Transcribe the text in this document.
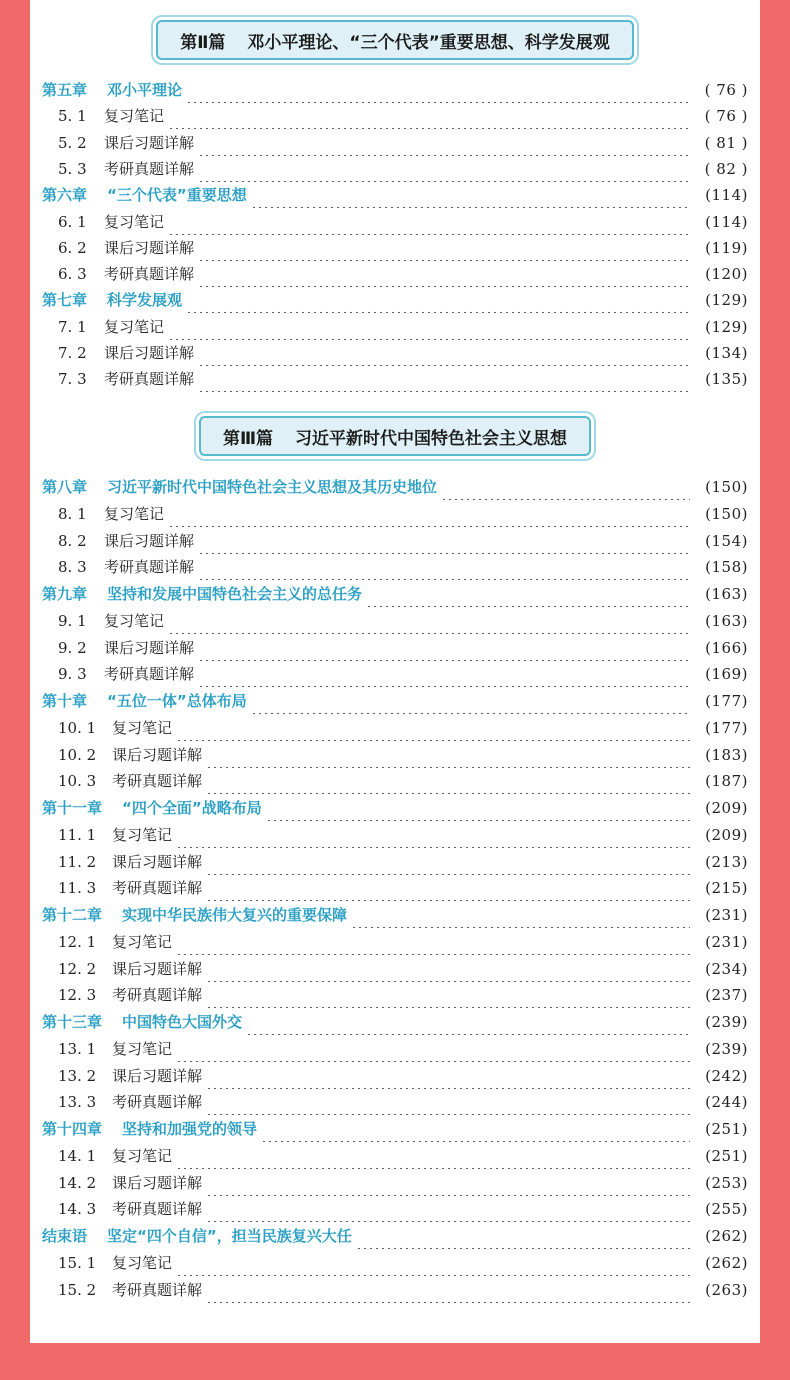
第Ⅱ篇 邓小平理论、“三个代表”重要思想、科学发展观
第五章 邓小平理论	( 76 )
5. 1	复习笔记	( 76 )
5. 2	课后习题详解	( 81 )
5. 3	考研真题详解	( 82 )
第六章 “三个代表”重要思想	(114)
6. 1	复习笔记	(114)
6. 2	课后习题详解	(119)
6. 3	考研真题详解	(120)
第七章 科学发展观	(129)
7. 1	复习笔记	(129)
7. 2	课后习题详解	(134)
7. 3	考研真题详解	(135)
第Ⅲ篇 习近平新时代中国特色社会主义思想
第八章 习近平新时代中国特色社会主义思想及其历史地位	(150)
8. 1	复习笔记	(150)
8. 2	课后习题详解	(154)
8. 3	考研真题详解	(158)
第九章 坚持和发展中国特色社会主义的总任务	(163)
9. 1	复习笔记	(163)
9. 2	课后习题详解	(166)
9. 3	考研真题详解	(169)
第十章 “五位一体”总体布局	(177)
10. 1	复习笔记	(177)
10. 2	课后习题详解	(183)
10. 3	考研真题详解	(187)
第十一章 “四个全面”战略布局	(209)
11. 1	复习笔记	(209)
11. 2	课后习题详解	(213)
11. 3	考研真题详解	(215)
第十二章 实现中华民族伟大复兴的重要保障	(231)
12. 1	复习笔记	(231)
12. 2	课后习题详解	(234)
12. 3	考研真题详解	(237)
第十三章 中国特色大国外交	(239)
13. 1	复习笔记	(239)
13. 2	课后习题详解	(242)
13. 3	考研真题详解	(244)
第十四章 坚持和加强党的领导	(251)
14. 1	复习笔记	(251)
14. 2	课后习题详解	(253)
14. 3	考研真题详解	(255)
结束语 坚定“四个自信”，担当民族复兴大任	(262)
15. 1	复习笔记	(262)
15. 2	考研真题详解	(263)
